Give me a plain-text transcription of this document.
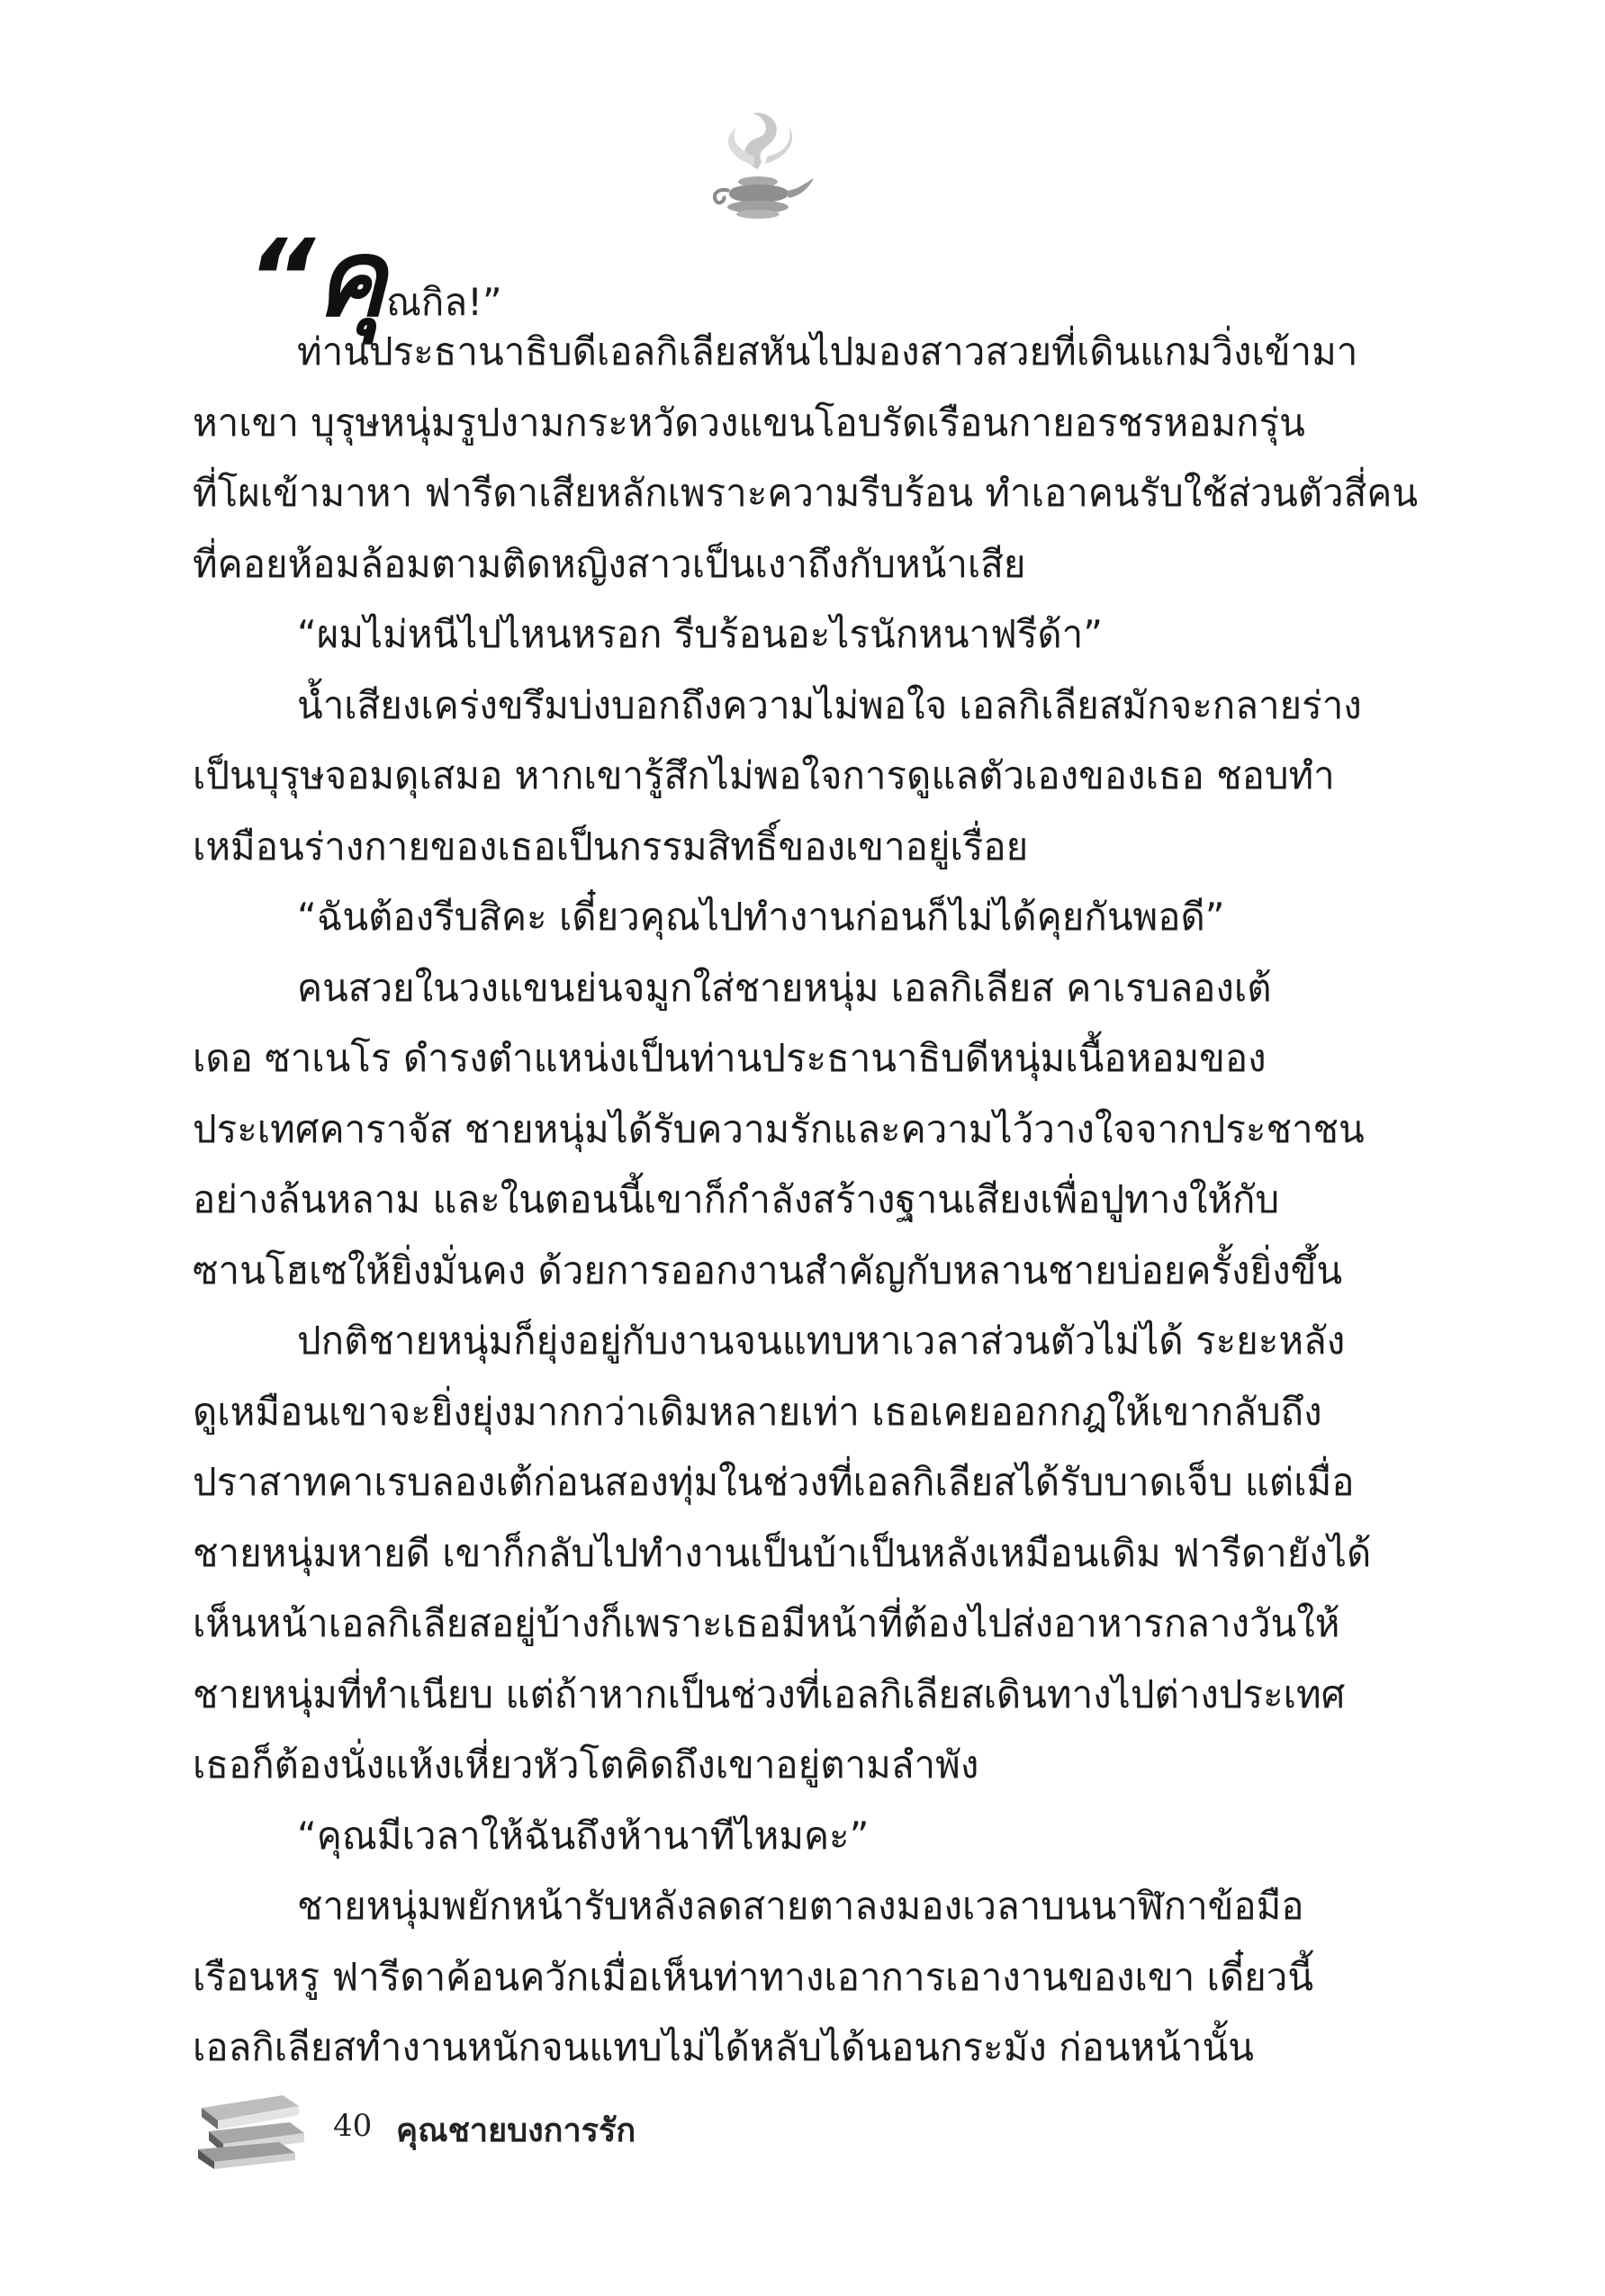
“คุณกิล!”
ท่านประธานาธิบดีเอลกิเลียสหันไปมองสาวสวยที่เดินแกมวิ่งเข้ามา
หาเขา บุรุษหนุ่มรูปงามกระหวัดวงแขนโอบรัดเรือนกายอรชรหอมกรุ่น
ที่โผเข้ามาหา ฟารีดาเสียหลักเพราะความรีบร้อน ทำเอาคนรับใช้ส่วนตัวสี่คน
ที่คอยห้อมล้อมตามติดหญิงสาวเป็นเงาถึงกับหน้าเสีย
“ผมไม่หนีไปไหนหรอก รีบร้อนอะไรนักหนาฟรีด้า”
น้ำเสียงเคร่งขรึมบ่งบอกถึงความไม่พอใจ เอลกิเลียสมักจะกลายร่าง
เป็นบุรุษจอมดุเสมอ หากเขารู้สึกไม่พอใจการดูแลตัวเองของเธอ ชอบทำ
เหมือนร่างกายของเธอเป็นกรรมสิทธิ์ของเขาอยู่เรื่อย
“ฉันต้องรีบสิคะ เดี๋ยวคุณไปทำงานก่อนก็ไม่ได้คุยกันพอดี”
คนสวยในวงแขนย่นจมูกใส่ชายหนุ่ม เอลกิเลียส คาเรบลองเต้
เดอ ซาเนโร ดำรงตำแหน่งเป็นท่านประธานาธิบดีหนุ่มเนื้อหอมของ
ประเทศคาราจัส ชายหนุ่มได้รับความรักและความไว้วางใจจากประชาชน
อย่างล้นหลาม และในตอนนี้เขาก็กำลังสร้างฐานเสียงเพื่อปูทางให้กับ
ซานโฮเซให้ยิ่งมั่นคง ด้วยการออกงานสำคัญกับหลานชายบ่อยครั้งยิ่งขึ้น
ปกติชายหนุ่มก็ยุ่งอยู่กับงานจนแทบหาเวลาส่วนตัวไม่ได้ ระยะหลัง
ดูเหมือนเขาจะยิ่งยุ่งมากกว่าเดิมหลายเท่า เธอเคยออกกฎให้เขากลับถึง
ปราสาทคาเรบลองเต้ก่อนสองทุ่มในช่วงที่เอลกิเลียสได้รับบาดเจ็บ แต่เมื่อ
ชายหนุ่มหายดี เขาก็กลับไปทำงานเป็นบ้าเป็นหลังเหมือนเดิม ฟารีดายังได้
เห็นหน้าเอลกิเลียสอยู่บ้างก็เพราะเธอมีหน้าที่ต้องไปส่งอาหารกลางวันให้
ชายหนุ่มที่ทำเนียบ แต่ถ้าหากเป็นช่วงที่เอลกิเลียสเดินทางไปต่างประเทศ
เธอก็ต้องนั่งแห้งเหี่ยวหัวโตคิดถึงเขาอยู่ตามลำพัง
“คุณมีเวลาให้ฉันถึงห้านาทีไหมคะ”
ชายหนุ่มพยักหน้ารับหลังลดสายตาลงมองเวลาบนนาฬิกาข้อมือ
เรือนหรู ฟารีดาค้อนควักเมื่อเห็นท่าทางเอาการเอางานของเขา เดี๋ยวนี้
เอลกิเลียสทำงานหนักจนแทบไม่ได้หลับได้นอนกระมัง ก่อนหน้านั้น
40 คุณชายบงการรัก
